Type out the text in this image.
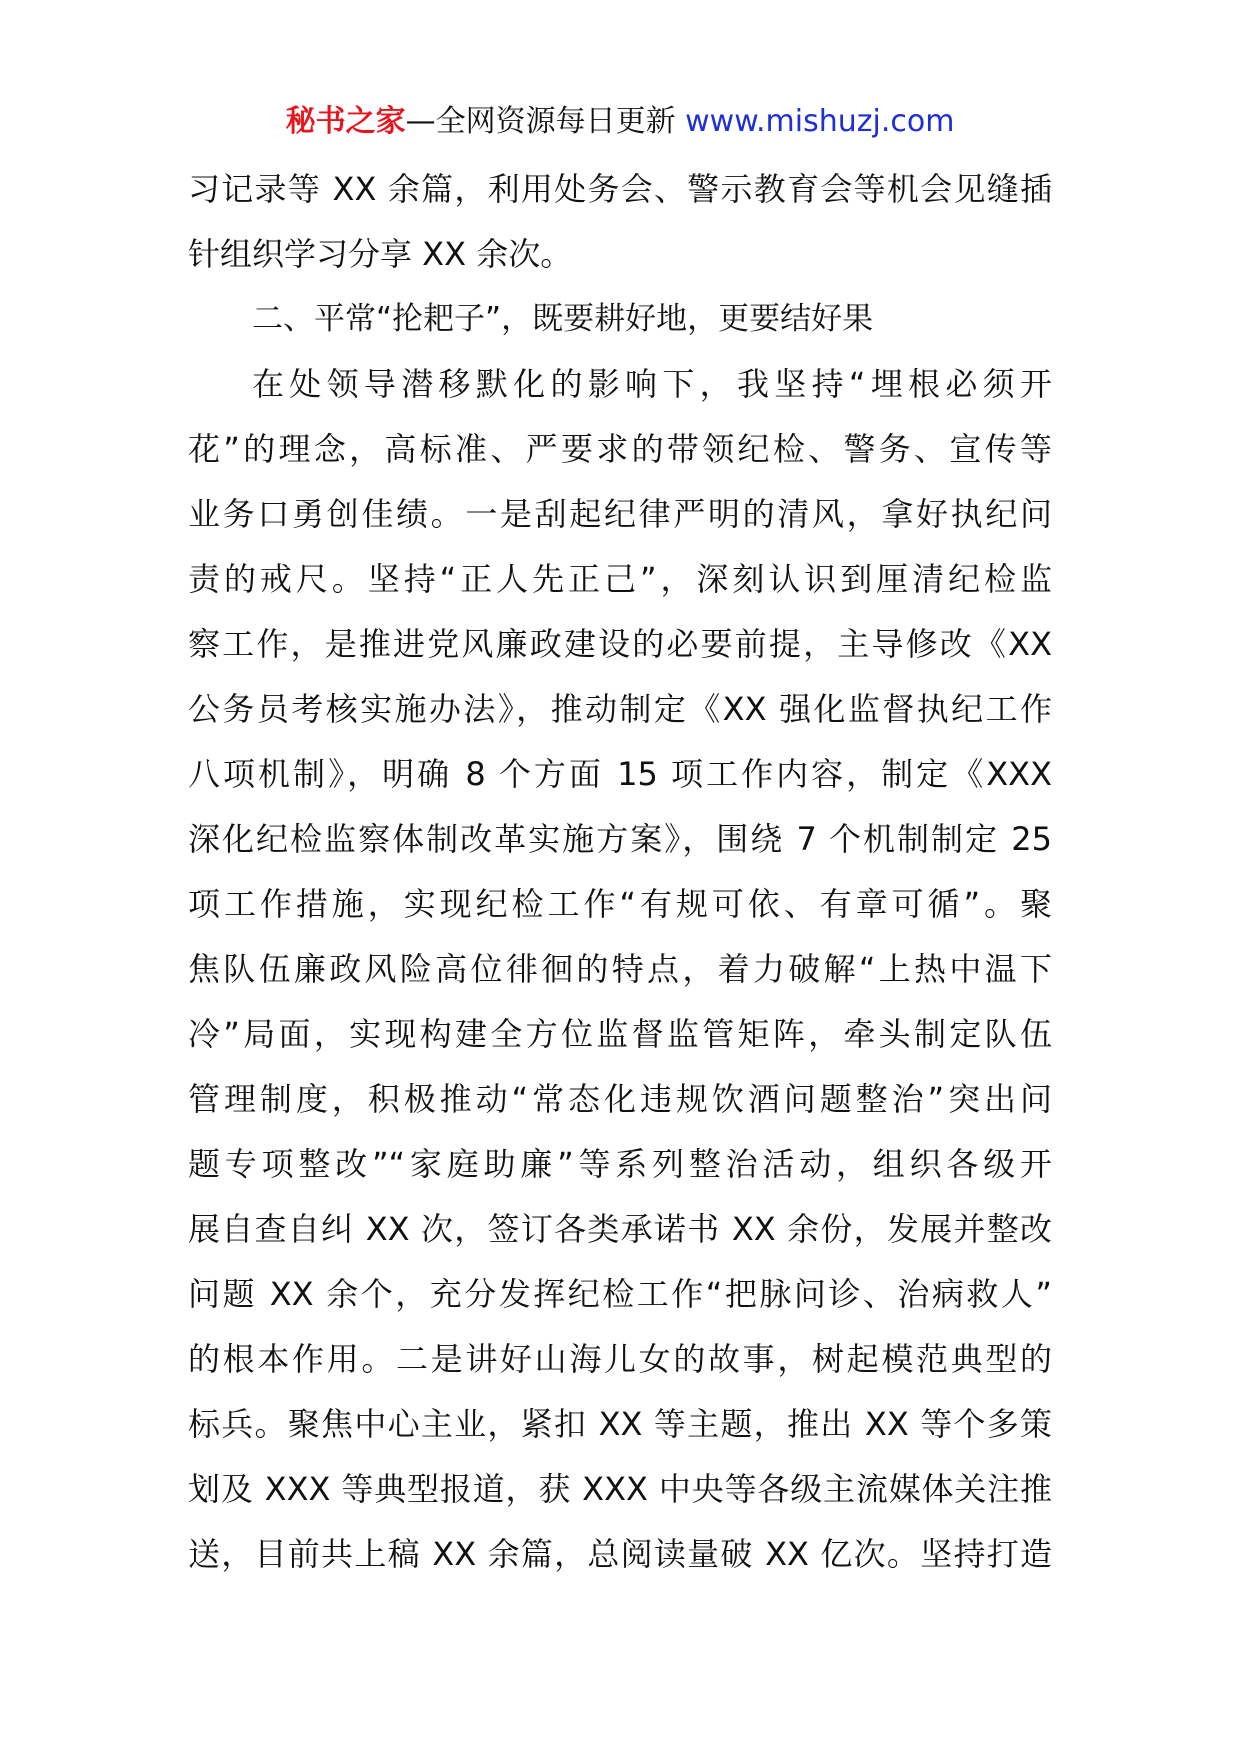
秘书之家—全网资源每日更新 www.mishuzj.com
习记录等 XX 余篇，利用处务会、警示教育会等机会见缝插
针组织学习分享 XX 余次。
二、平常“抡耙子”，既要耕好地，更要结好果
在处领导潜移默化的影响下，我坚持“埋根必须开
花”的理念，高标准、严要求的带领纪检、警务、宣传等
业务口勇创佳绩。一是刮起纪律严明的清风，拿好执纪问
责的戒尺。坚持“正人先正己”，深刻认识到厘清纪检监
察工作，是推进党风廉政建设的必要前提，主导修改《XX
公务员考核实施办法》，推动制定《XX 强化监督执纪工作
八项机制》，明确 8 个方面 15 项工作内容，制定《XXX
深化纪检监察体制改革实施方案》，围绕 7 个机制制定 25
项工作措施，实现纪检工作“有规可依、有章可循”。聚
焦队伍廉政风险高位徘徊的特点，着力破解“上热中温下
冷”局面，实现构建全方位监督监管矩阵，牵头制定队伍
管理制度，积极推动“常态化违规饮酒问题整治”突出问
题专项整改”“家庭助廉”等系列整治活动，组织各级开
展自查自纠 XX 次，签订各类承诺书 XX 余份，发展并整改
问题 XX 余个，充分发挥纪检工作“把脉问诊、治病救人”
的根本作用。二是讲好山海儿女的故事，树起模范典型的
标兵。聚焦中心主业，紧扣 XX 等主题，推出 XX 等个多策
划及 XXX 等典型报道，获 XXX 中央等各级主流媒体关注推
送，目前共上稿 XX 余篇，总阅读量破 XX 亿次。坚持打造
